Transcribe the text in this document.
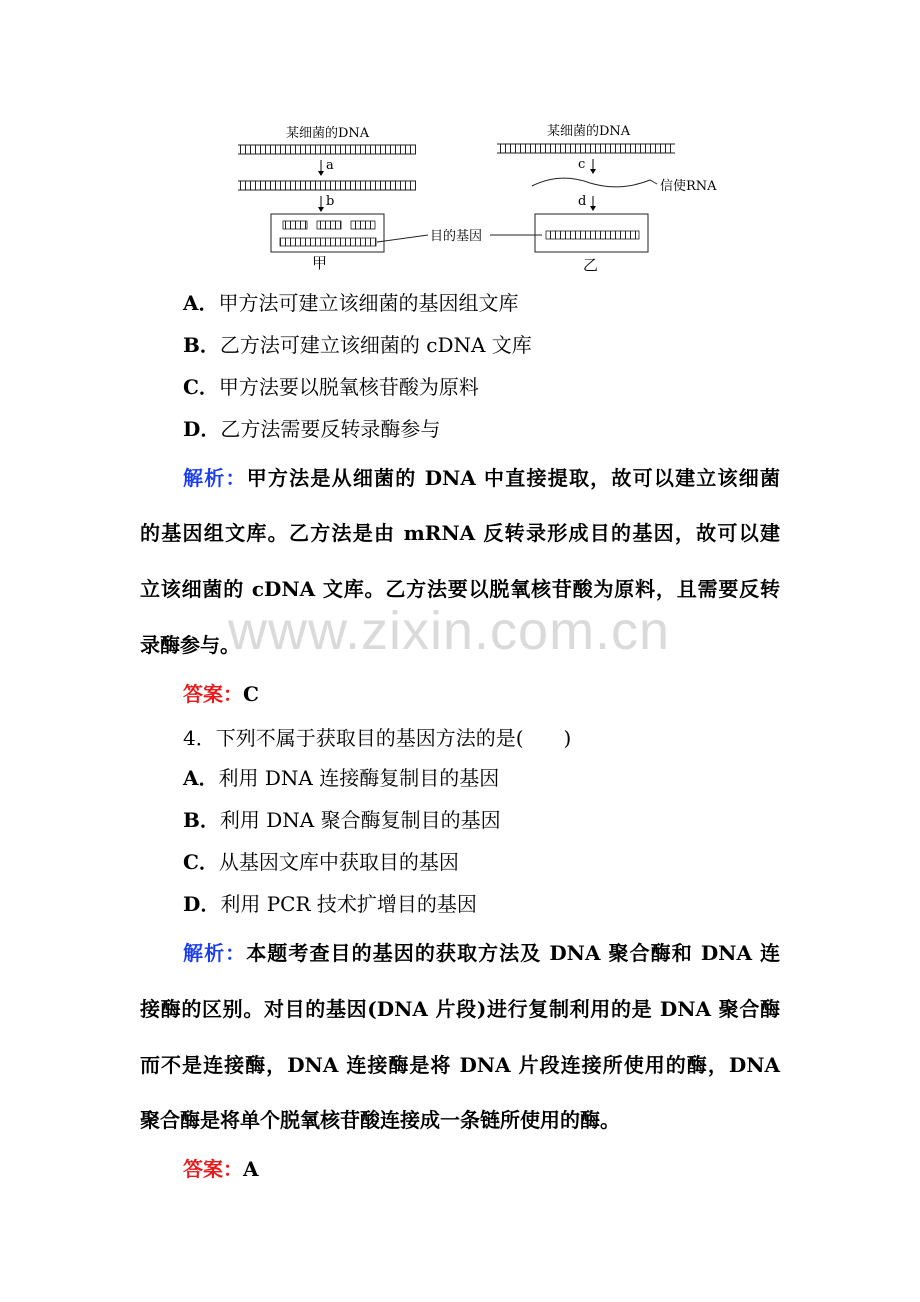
某细菌的DNA
a
b
目的基因
甲
某细菌的DNA
c
信使RNA
d
乙
A．甲方法可建立该细菌的基因组文库
B．乙方法可建立该细菌的 cDNA 文库
C．甲方法要以脱氧核苷酸为原料
D．乙方法需要反转录酶参与
解析：甲方法是从细菌的 DNA 中直接提取，故可以建立该细菌
的基因组文库。乙方法是由 mRNA 反转录形成目的基因，故可以建
立该细菌的 cDNA 文库。乙方法要以脱氧核苷酸为原料，且需要反转
录酶参与。
www.zixin.com.cn
答案：C
4．下列不属于获取目的基因方法的是(　　)
A．利用 DNA 连接酶复制目的基因
B．利用 DNA 聚合酶复制目的基因
C．从基因文库中获取目的基因
D．利用 PCR 技术扩增目的基因
解析：本题考查目的基因的获取方法及 DNA 聚合酶和 DNA 连
接酶的区别。对目的基因(DNA 片段)进行复制利用的是 DNA 聚合酶
而不是连接酶，DNA 连接酶是将 DNA 片段连接所使用的酶，DNA
聚合酶是将单个脱氧核苷酸连接成一条链所使用的酶。
答案：A
